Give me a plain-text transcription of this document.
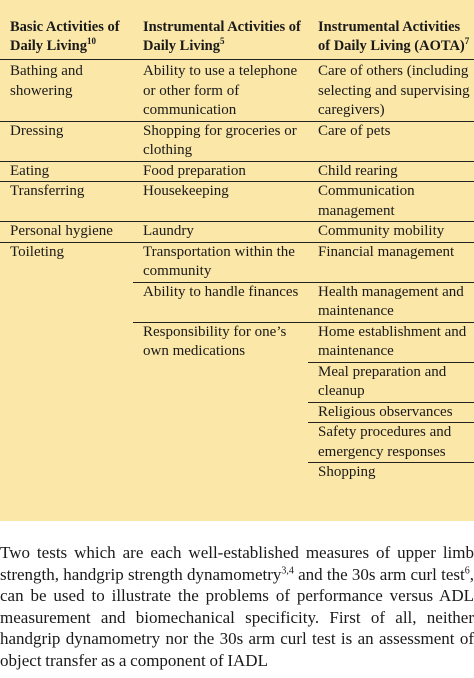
Basic Activities of Daily Living$^{10}$	Instrumental Activities of Daily Living$^5$	Instrumental Activities of Daily Living (AOTA)$^7$
Bathing and showering	Ability to use a telephone or other form of communication	Care of others (including selecting and supervising caregivers)
Dressing	Shopping for groceries or clothing	Care of pets
Eating	Food preparation	Child rearing
Transferring	Housekeeping	Communication management
Personal hygiene	Laundry	Community mobility
Toileting	Transportation within the community	Financial management
	Ability to handle finances	Health management and maintenance
	Responsibility for one’s own medications	Home establishment and maintenance
		Meal preparation and cleanup
		Religious observances
		Safety procedures and emergency responses
		Shopping

Two tests which are each well-established measures of upper limb strength, handgrip strength dynamometry$^{3,4}$ and the 30s arm curl test$^6$, can be used to illustrate the problems of performance versus ADL measurement and biomechanical specificity. First of all, neither handgrip dynamometry nor the 30s arm curl test is an assessment of object transfer as a component of IADL
